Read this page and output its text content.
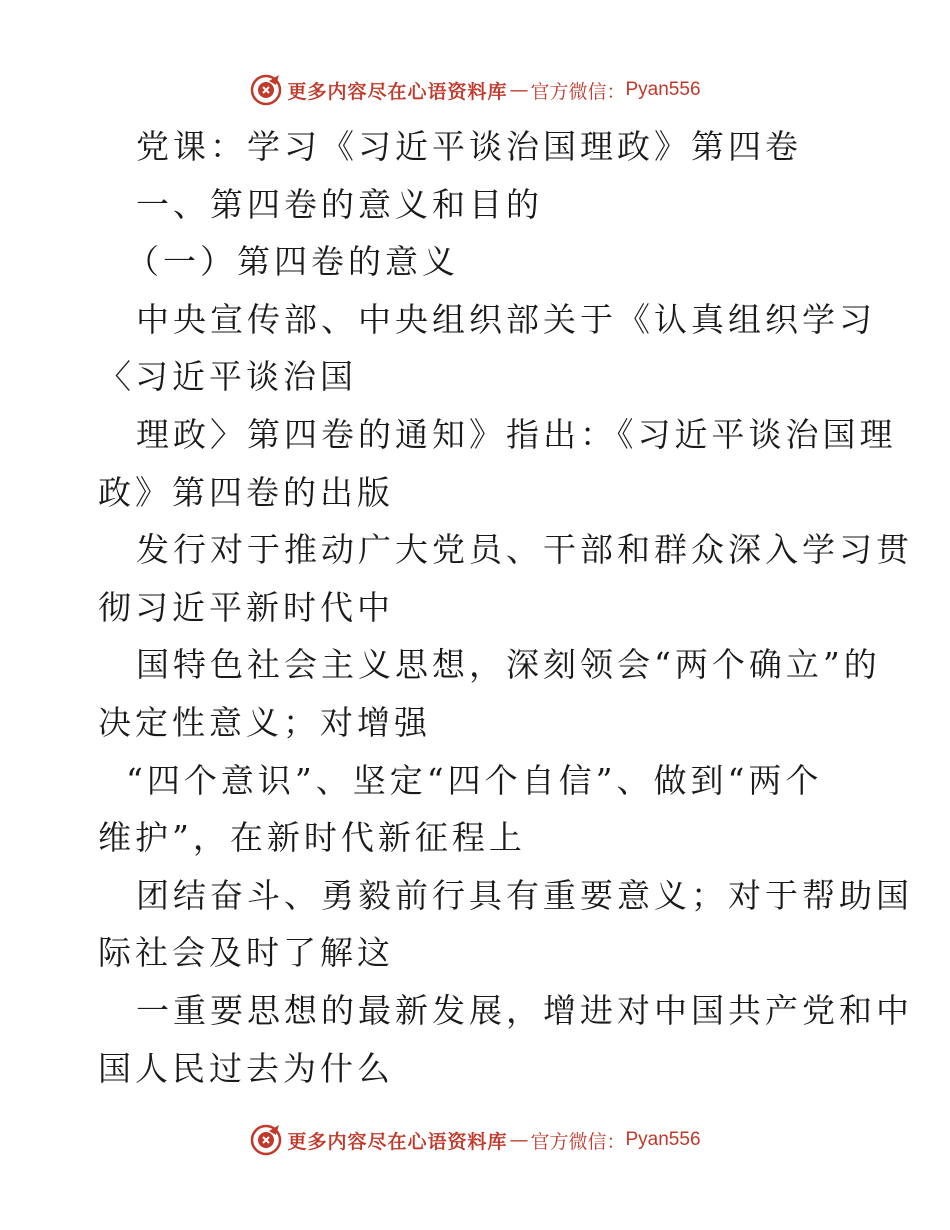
更多内容尽在心语资料库 — 官方微信： Pyan556
党课：学习《习近平谈治国理政》第四卷
一、第四卷的意义和目的
（一）第四卷的意义
中央宣传部、中央组织部关于《认真组织学习
〈习近平谈治国
理政〉第四卷的通知》指出：《习近平谈治国理
政》第四卷的出版
发行对于推动广大党员、干部和群众深入学习贯
彻习近平新时代中
国特色社会主义思想，深刻领会“两个确立”的
决定性意义；对增强
“四个意识”、坚定“四个自信”、做到“两个
维护”，在新时代新征程上
团结奋斗、勇毅前行具有重要意义；对于帮助国
际社会及时了解这
一重要思想的最新发展，增进对中国共产党和中
国人民过去为什么
更多内容尽在心语资料库 — 官方微信： Pyan556
